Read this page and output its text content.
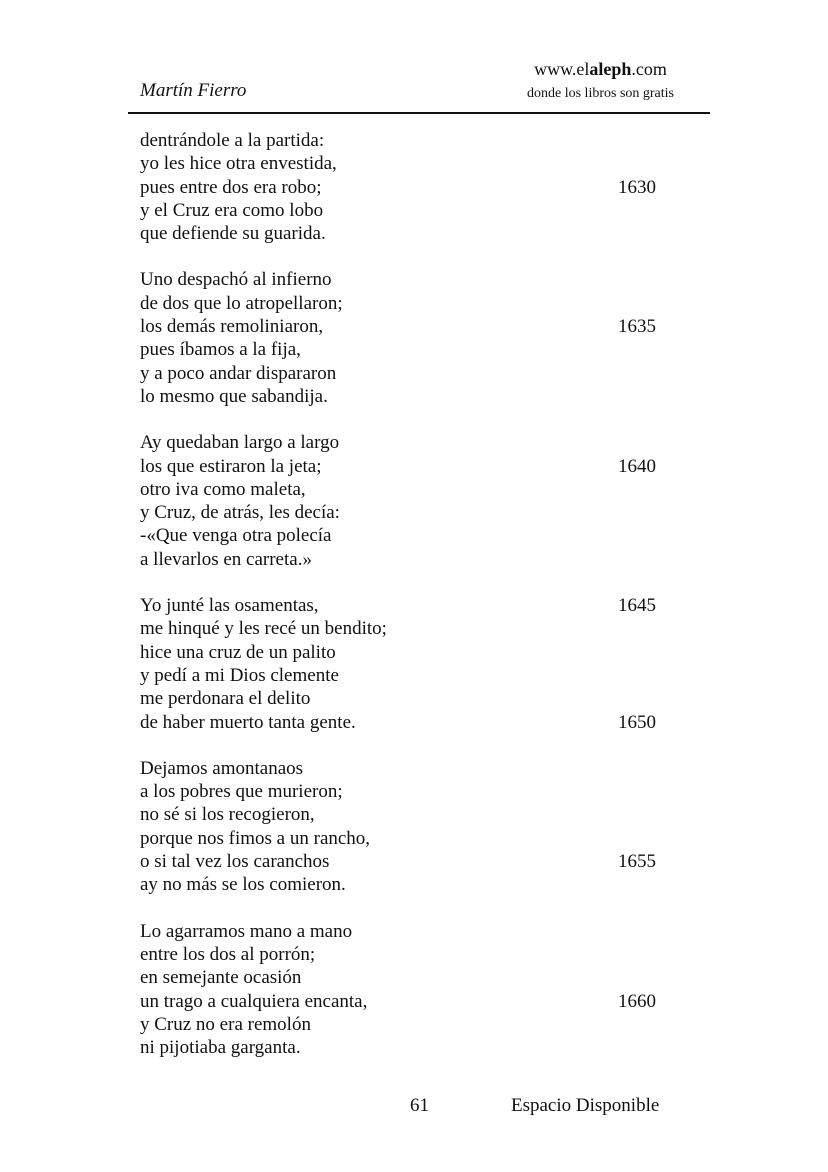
Martín Fierro
www.elaleph.com
donde los libros son gratis
dentrándole a la partida:
yo les hice otra envestida,
pues entre dos era robo;	1630
y el Cruz era como lobo
que defiende su guarida.
Uno despachó al infierno
de dos que lo atropellaron;
los demás remoliniaron,	1635
pues íbamos a la fija,
y a poco andar dispararon
lo mesmo que sabandija.
Ay quedaban largo a largo
los que estiraron la jeta;	1640
otro iva como maleta,
y Cruz, de atrás, les decía:
-«Que venga otra polecía
a llevarlos en carreta.»
Yo junté las osamentas,	1645
me hinqué y les recé un bendito;
hice una cruz de un palito
y pedí a mi Dios clemente
me perdonara el delito
de haber muerto tanta gente.	1650
Dejamos amontanaos
a los pobres que murieron;
no sé si los recogieron,
porque nos fimos a un rancho,
o si tal vez los caranchos	1655
ay no más se los comieron.
Lo agarramos mano a mano
entre los dos al porrón;
en semejante ocasión
un trago a cualquiera encanta,	1660
y Cruz no era remolón
ni pijotiaba garganta.
61	Espacio Disponible
